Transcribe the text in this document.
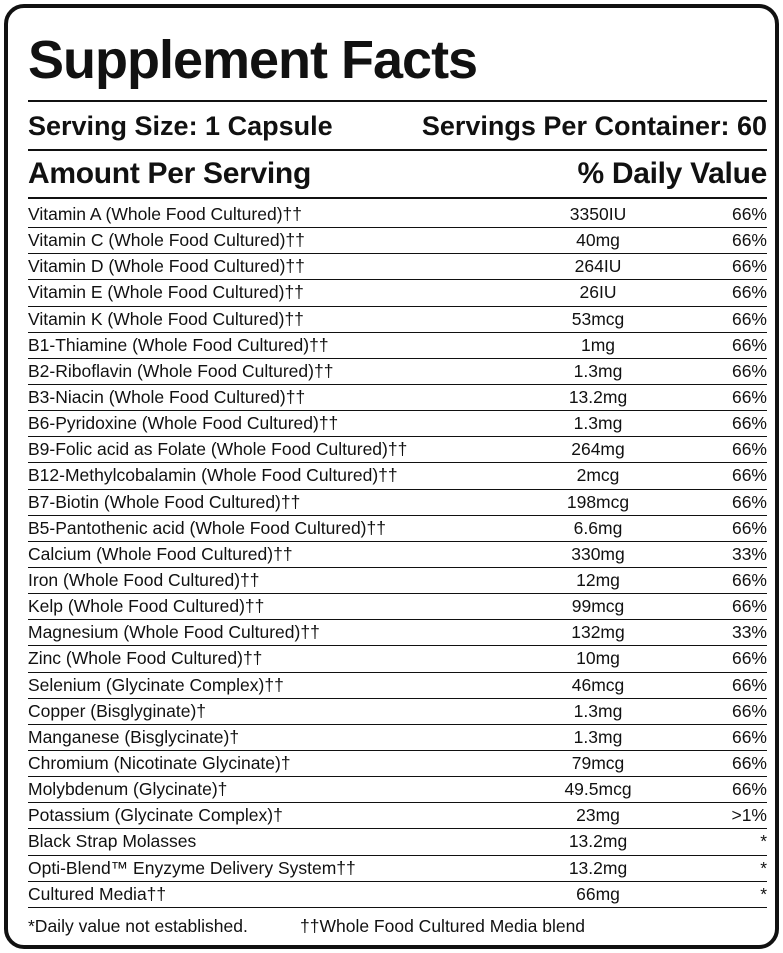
Supplement Facts
Serving Size: 1 Capsule	Servings Per Container: 60
Amount Per Serving	% Daily Value
Vitamin A (Whole Food Cultured)††	3350IU	66%
Vitamin C (Whole Food Cultured)††	40mg	66%
Vitamin D (Whole Food Cultured)††	264IU	66%
Vitamin E (Whole Food Cultured)††	26IU	66%
Vitamin K (Whole Food Cultured)††	53mcg	66%
B1-Thiamine (Whole Food Cultured)††	1mg	66%
B2-Riboflavin (Whole Food Cultured)††	1.3mg	66%
B3-Niacin (Whole Food Cultured)††	13.2mg	66%
B6-Pyridoxine (Whole Food Cultured)††	1.3mg	66%
B9-Folic acid as Folate (Whole Food Cultured)††	264mg	66%
B12-Methylcobalamin (Whole Food Cultured)††	2mcg	66%
B7-Biotin (Whole Food Cultured)††	198mcg	66%
B5-Pantothenic acid (Whole Food Cultured)††	6.6mg	66%
Calcium (Whole Food Cultured)††	330mg	33%
Iron (Whole Food Cultured)††	12mg	66%
Kelp (Whole Food Cultured)††	99mcg	66%
Magnesium (Whole Food Cultured)††	132mg	33%
Zinc (Whole Food Cultured)††	10mg	66%
Selenium (Glycinate Complex)††	46mcg	66%
Copper (Bisglyginate)†	1.3mg	66%
Manganese (Bisglycinate)†	1.3mg	66%
Chromium (Nicotinate Glycinate)†	79mcg	66%
Molybdenum (Glycinate)†	49.5mcg	66%
Potassium (Glycinate Complex)†	23mg	>1%
Black Strap Molasses	13.2mg	*
Opti-Blend™ Enyzyme Delivery System††	13.2mg	*
Cultured Media††	66mg	*
*Daily value not established.	††Whole Food Cultured Media blend
